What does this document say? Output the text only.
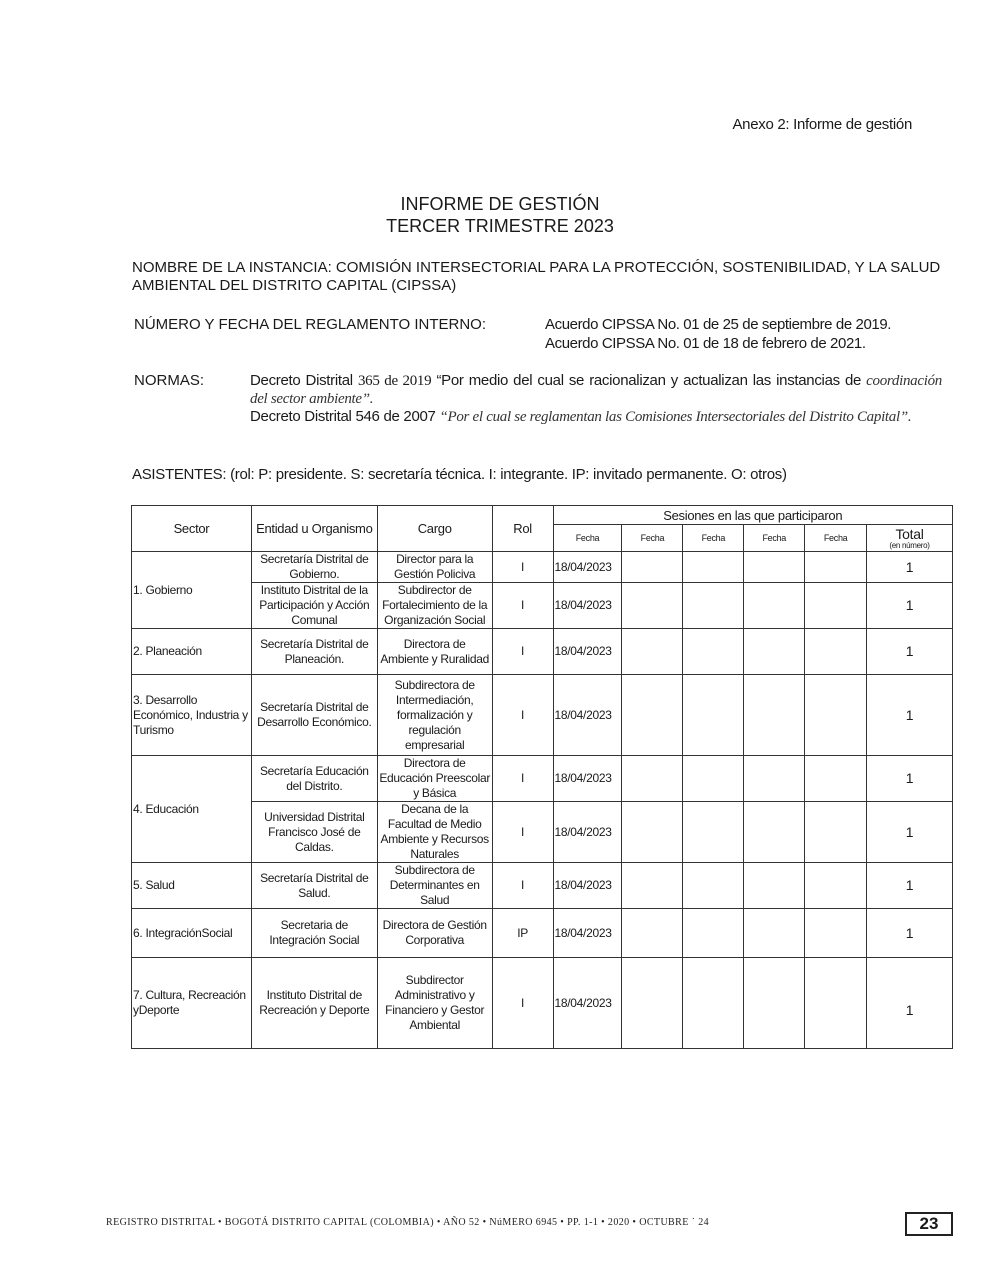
Anexo 2: Informe de gestión
INFORME DE GESTIÓN
TERCER TRIMESTRE 2023
NOMBRE DE LA INSTANCIA: COMISIÓN INTERSECTORIAL PARA LA PROTECCIÓN, SOSTENIBILIDAD, Y LA SALUD AMBIENTAL DEL DISTRITO CAPITAL (CIPSSA)
NÚMERO Y FECHA DEL REGLAMENTO INTERNO:	Acuerdo CIPSSA No. 01 de 25 de septiembre de 2019.
Acuerdo CIPSSA No. 01 de 18 de febrero de 2021.
NORMAS:	Decreto Distrital 365 de 2019 “Por medio del cual se racionalizan y actualizan las instancias de coordinación del sector ambiente”.
Decreto Distrital 546 de 2007 “Por el cual se reglamentan las Comisiones Intersectoriales del Distrito Capital”.
ASISTENTES: (rol: P: presidente. S: secretaría técnica. I: integrante. IP: invitado permanente. O: otros)
Sector	Entidad u Organismo	Cargo	Rol	Sesiones en las que participaron					
				Fecha	Fecha	Fecha	Fecha	Fecha	Total
(en número)

1. Gobierno	Secretaría Distrital de Gobierno.	Director para la Gestión Policiva	I	18/04/2023					1
	Instituto Distrital de la Participación y Acción Comunal	Subdirector de Fortalecimiento de la Organización Social	I	18/04/2023					1
2. Planeación	Secretaría Distrital de Planeación.	Directora de Ambiente y Ruralidad	I	18/04/2023					1
3. Desarrollo Económico, Industria y Turismo	Secretaría Distrital de Desarrollo Económico.	Subdirectora de Intermediación, formalización y regulación empresarial	I	18/04/2023					1
4. Educación	Secretaría Educación del Distrito.	Directora de Educación Preescolar y Básica	I	18/04/2023					1
	Universidad Distrital Francisco José de Caldas.	Decana de la Facultad de Medio Ambiente y Recursos Naturales	I	18/04/2023					1
5. Salud	Secretaría Distrital de Salud.	Subdirectora de Determinantes en Salud	I	18/04/2023					1
6. IntegraciónSocial	Secretaria de Integración Social	Directora de Gestión Corporativa	IP	18/04/2023					1
7. Cultura, Recreación yDeporte	Instituto Distrital de Recreación y Deporte	Subdirector Administrativo y Financiero y Gestor Ambiental	I	18/04/2023					1
REGISTRO DISTRITAL • BOGOTÁ DISTRITO CAPITAL (COLOMBIA) • AÑO 52 • NúMERO 6945 • PP. 1-1 • 2020 • OCTUBRE ˙ 24	23
